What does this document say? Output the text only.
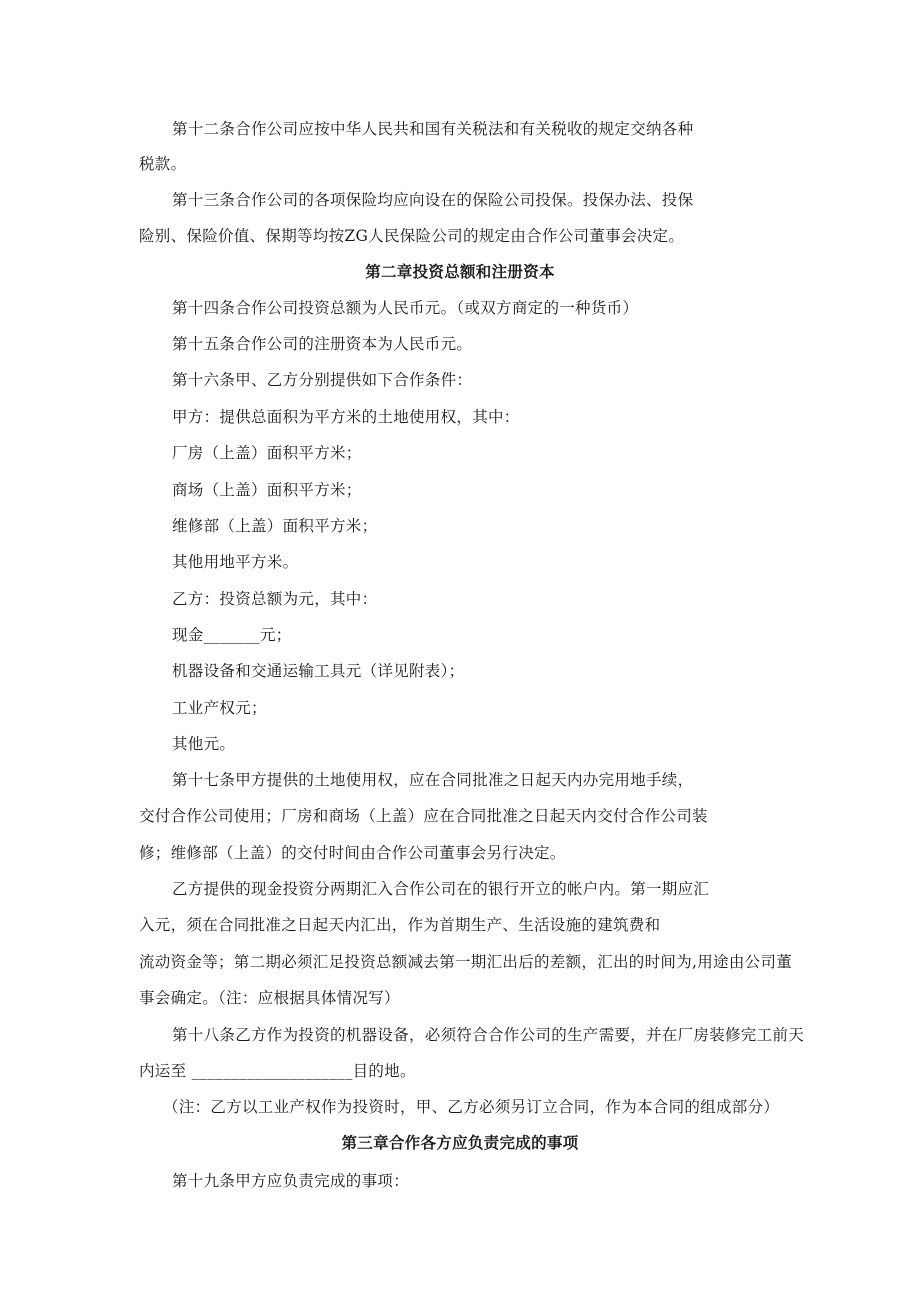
第十二条合作公司应按中华人民共和国有关税法和有关税收的规定交纳各种
税款。
第十三条合作公司的各项保险均应向设在的保险公司投保。投保办法、投保
险别、保险价值、保期等均按ZG人民保险公司的规定由合作公司董事会决定。
第二章投资总额和注册资本
第十四条合作公司投资总额为人民币元。（或双方商定的一种货币）
第十五条合作公司的注册资本为人民币元。
第十六条甲、乙方分别提供如下合作条件：
甲方：提供总面积为平方米的土地使用权，其中：
厂房（上盖）面积平方米；
商场（上盖）面积平方米；
维修部（上盖）面积平方米；
其他用地平方米。
乙方：投资总额为元，其中：
现金_______元；
机器设备和交通运输工具元（详见附表）；
工业产权元；
其他元。
第十七条甲方提供的土地使用权，应在合同批准之日起天内办完用地手续，
交付合作公司使用；厂房和商场（上盖）应在合同批准之日起天内交付合作公司装
修；维修部（上盖）的交付时间由合作公司董事会另行决定。
乙方提供的现金投资分两期汇入合作公司在的银行开立的帐户内。第一期应汇
入元，须在合同批准之日起天内汇出，作为首期生产、生活设施的建筑费和
流动资金等；第二期必须汇足投资总额减去第一期汇出后的差额，汇出的时间为,用途由公司董
事会确定。（注：应根据具体情况写）
第十八条乙方作为投资的机器设备，必须符合合作公司的生产需要，并在厂房装修完工前天
内运至 ____________________目的地。
（注：乙方以工业产权作为投资时，甲、乙方必须另订立合同，作为本合同的组成部分）
第三章合作各方应负责完成的事项
第十九条甲方应负责完成的事项：
